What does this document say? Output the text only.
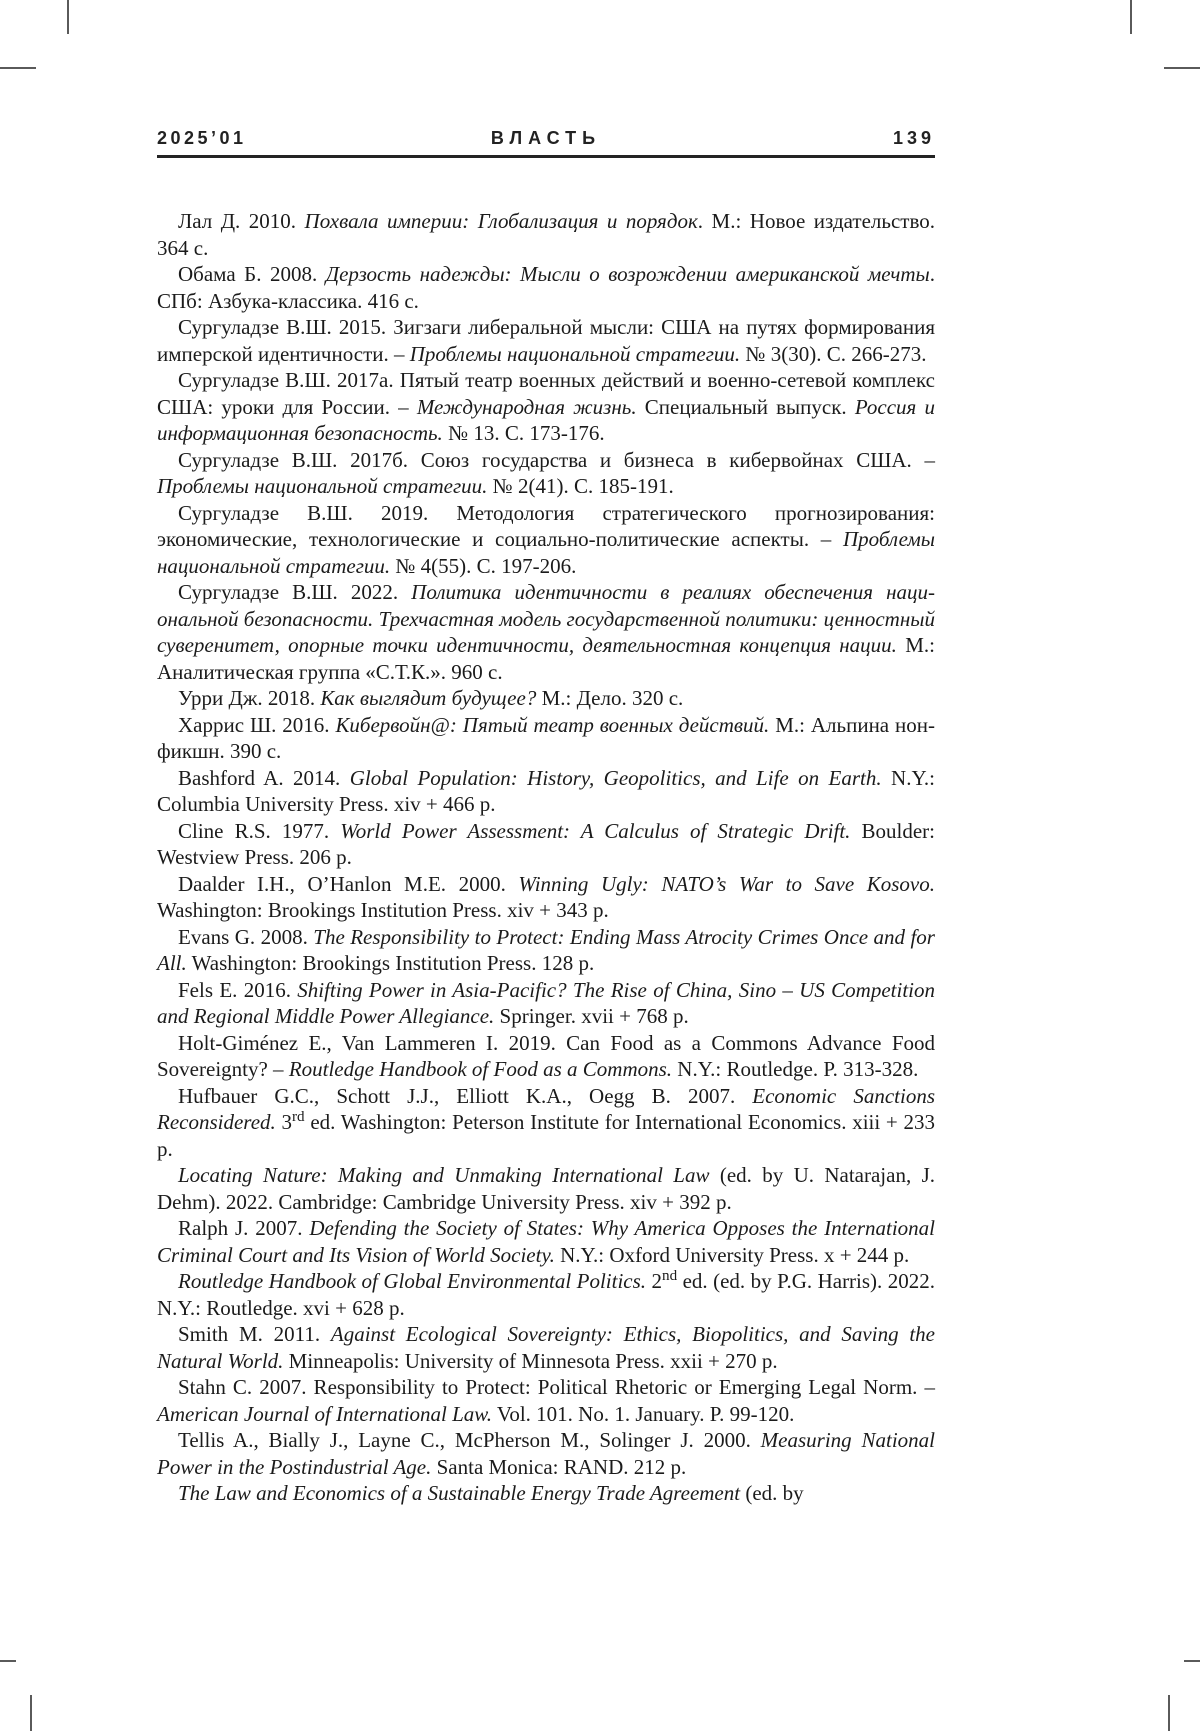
2025’01	ВЛАСТЬ	139

Лал Д. 2010. Похвала империи: Глобализация и порядок. М.: Новое издательство. 364 с.

Обама Б. 2008. Дерзость надежды: Мысли о возрождении американской мечты. СПб: Азбука-классика. 416 с.

Сургуладзе В.Ш. 2015. Зигзаги либеральной мысли: США на путях формирования имперской идентичности. – Проблемы национальной стратегии. № 3(30). С. 266-273.

Сургуладзе В.Ш. 2017а. Пятый театр военных действий и военно-сетевой комплекс США: уроки для России. – Международная жизнь. Специальный выпуск. Россия и информационная безопасность. № 13. С. 173-176.

Сургуладзе В.Ш. 2017б. Союз государства и бизнеса в кибервойнах США. – Проблемы национальной стратегии. № 2(41). С. 185-191.

Сургуладзе В.Ш. 2019. Методология стратегического прогнозирования: экономические, технологические и социально-политические аспекты. – Проблемы национальной стратегии. № 4(55). С. 197-206.

Сургуладзе В.Ш. 2022. Политика идентичности в реалиях обеспечения национальной безопасности. Трехчастная модель государственной политики: ценностный суверенитет, опорные точки идентичности, деятельностная концепция нации. М.: Аналитическая группа «С.Т.К.». 960 с.

Урри Дж. 2018. Как выглядит будущее? М.: Дело. 320 с.

Харрис Ш. 2016. Кибервойн@: Пятый театр военных действий. М.: Альпина нон-фикшн. 390 с.

Bashford A. 2014. Global Population: History, Geopolitics, and Life on Earth. N.Y.: Columbia University Press. xiv + 466 p.

Cline R.S. 1977. World Power Assessment: A Calculus of Strategic Drift. Boulder: Westview Press. 206 p.

Daalder I.H., O’Hanlon M.E. 2000. Winning Ugly: NATO’s War to Save Kosovo. Washington: Brookings Institution Press. xiv + 343 p.

Evans G. 2008. The Responsibility to Protect: Ending Mass Atrocity Crimes Once and for All. Washington: Brookings Institution Press. 128 p.

Fels E. 2016. Shifting Power in Asia-Pacific? The Rise of China, Sino – US Competition and Regional Middle Power Allegiance. Springer. xvii + 768 p.

Holt-Giménez E., Van Lammeren I. 2019. Can Food as a Commons Advance Food Sovereignty? – Routledge Handbook of Food as a Commons. N.Y.: Routledge. P. 313-328.

Hufbauer G.C., Schott J.J., Elliott K.A., Oegg B. 2007. Economic Sanctions Reconsidered. 3rd ed. Washington: Peterson Institute for International Economics. xiii + 233 p.

Locating Nature: Making and Unmaking International Law (ed. by U. Natarajan, J. Dehm). 2022. Cambridge: Cambridge University Press. xiv + 392 p.

Ralph J. 2007. Defending the Society of States: Why America Opposes the International Criminal Court and Its Vision of World Society. N.Y.: Oxford University Press. x + 244 p.

Routledge Handbook of Global Environmental Politics. 2nd ed. (ed. by P.G. Harris). 2022. N.Y.: Routledge. xvi + 628 p.

Smith M. 2011. Against Ecological Sovereignty: Ethics, Biopolitics, and Saving the Natural World. Minneapolis: University of Minnesota Press. xxii + 270 p.

Stahn C. 2007. Responsibility to Protect: Political Rhetoric or Emerging Legal Norm. – American Journal of International Law. Vol. 101. No. 1. January. P. 99-120.

Tellis A., Bially J., Layne C., McPherson M., Solinger J. 2000. Measuring National Power in the Postindustrial Age. Santa Monica: RAND. 212 p.

The Law and Economics of a Sustainable Energy Trade Agreement (ed. by
